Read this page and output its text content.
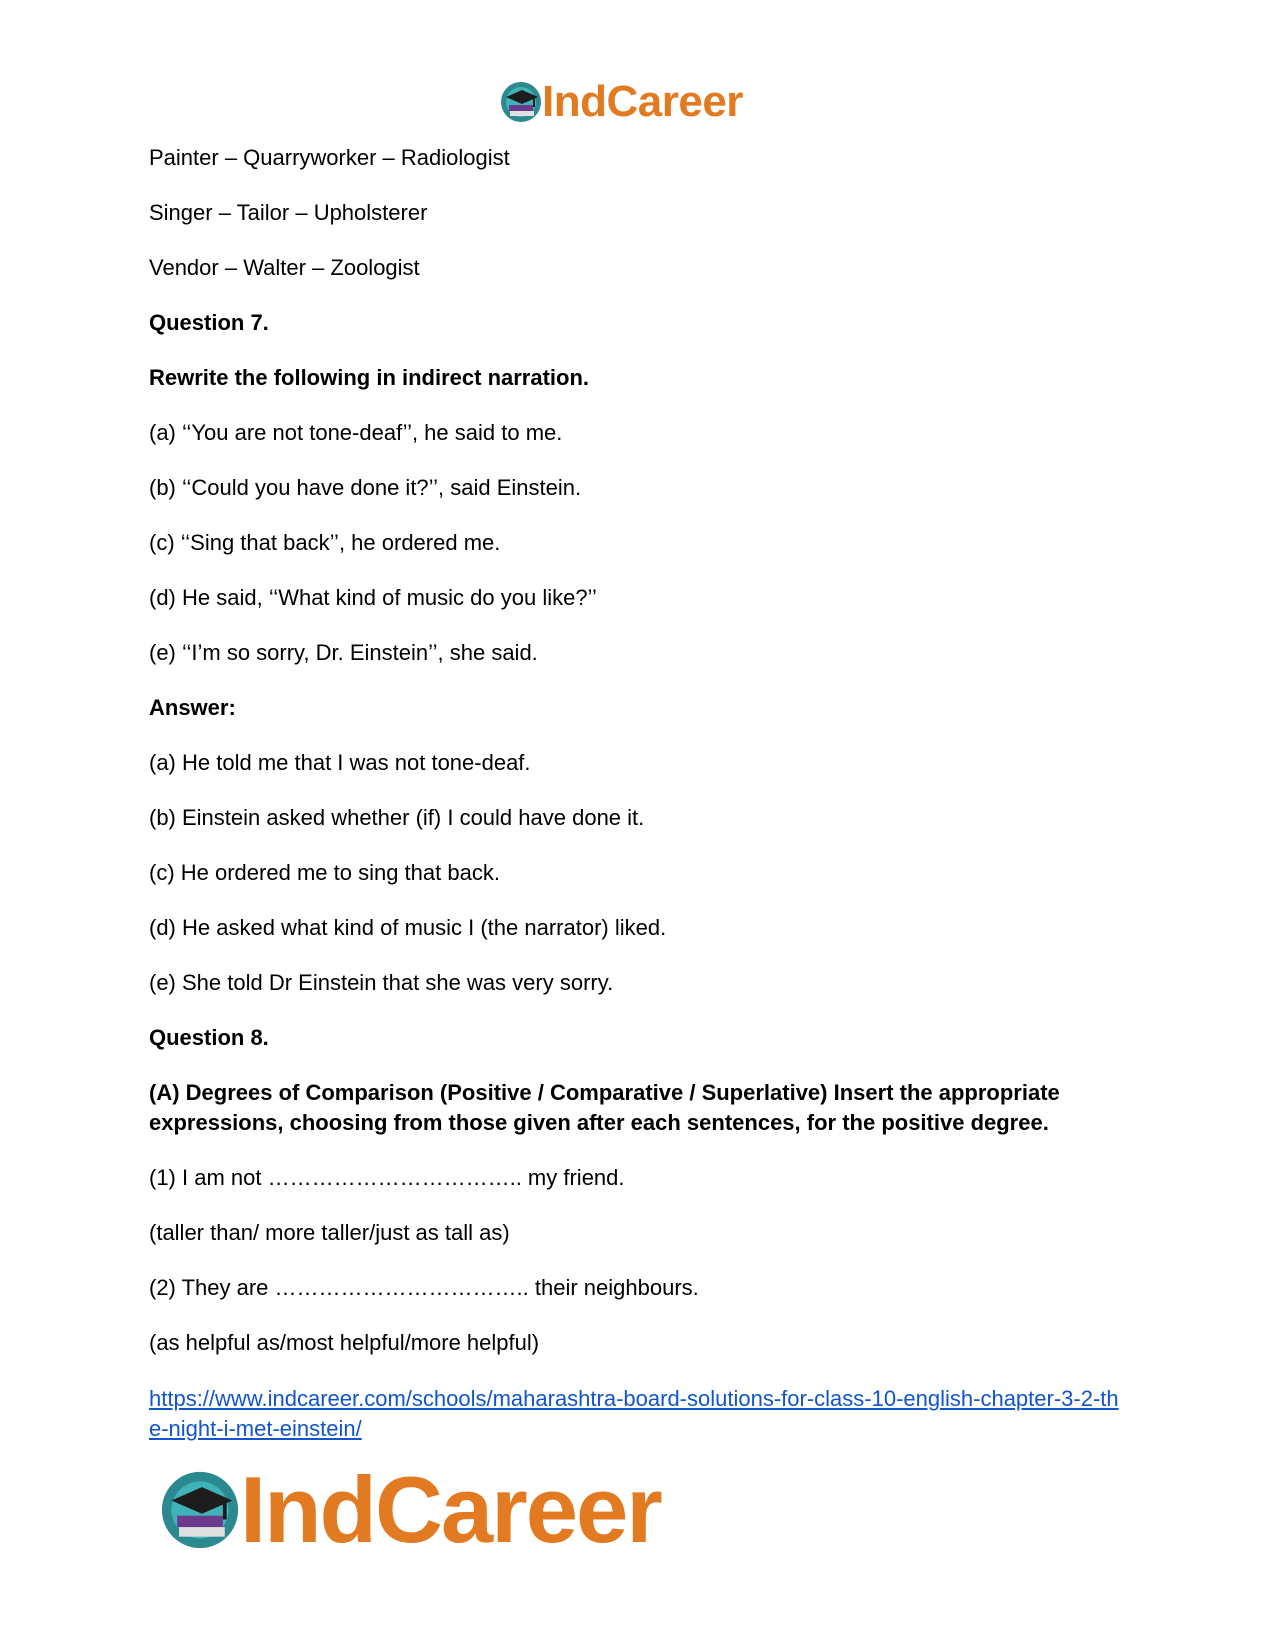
IndCareer

Painter – Quarryworker – Radiologist

Singer – Tailor – Upholsterer

Vendor – Walter – Zoologist

Question 7.

Rewrite the following in indirect narration.

(a) ‘‘You are not tone-deaf’’, he said to me.

(b) ‘‘Could you have done it?’’, said Einstein.

(c) ‘‘Sing that back’’, he ordered me.

(d) He said, ‘‘What kind of music do you like?’’

(e) ‘‘I’m so sorry, Dr. Einstein’’, she said.

Answer:

(a) He told me that I was not tone-deaf.

(b) Einstein asked whether (if) I could have done it.

(c) He ordered me to sing that back.

(d) He asked what kind of music I (the narrator) liked.

(e) She told Dr Einstein that she was very sorry.

Question 8.

(A) Degrees of Comparison (Positive / Comparative / Superlative) Insert the appropriate expressions, choosing from those given after each sentences, for the positive degree.

(1) I am not …………………………….. my friend.

(taller than/ more taller/just as tall as)

(2) They are …………………………….. their neighbours.

(as helpful as/most helpful/more helpful)

https://www.indcareer.com/schools/maharashtra-board-solutions-for-class-10-english-chapter-3-2-the-night-i-met-einstein/
IndCareer
